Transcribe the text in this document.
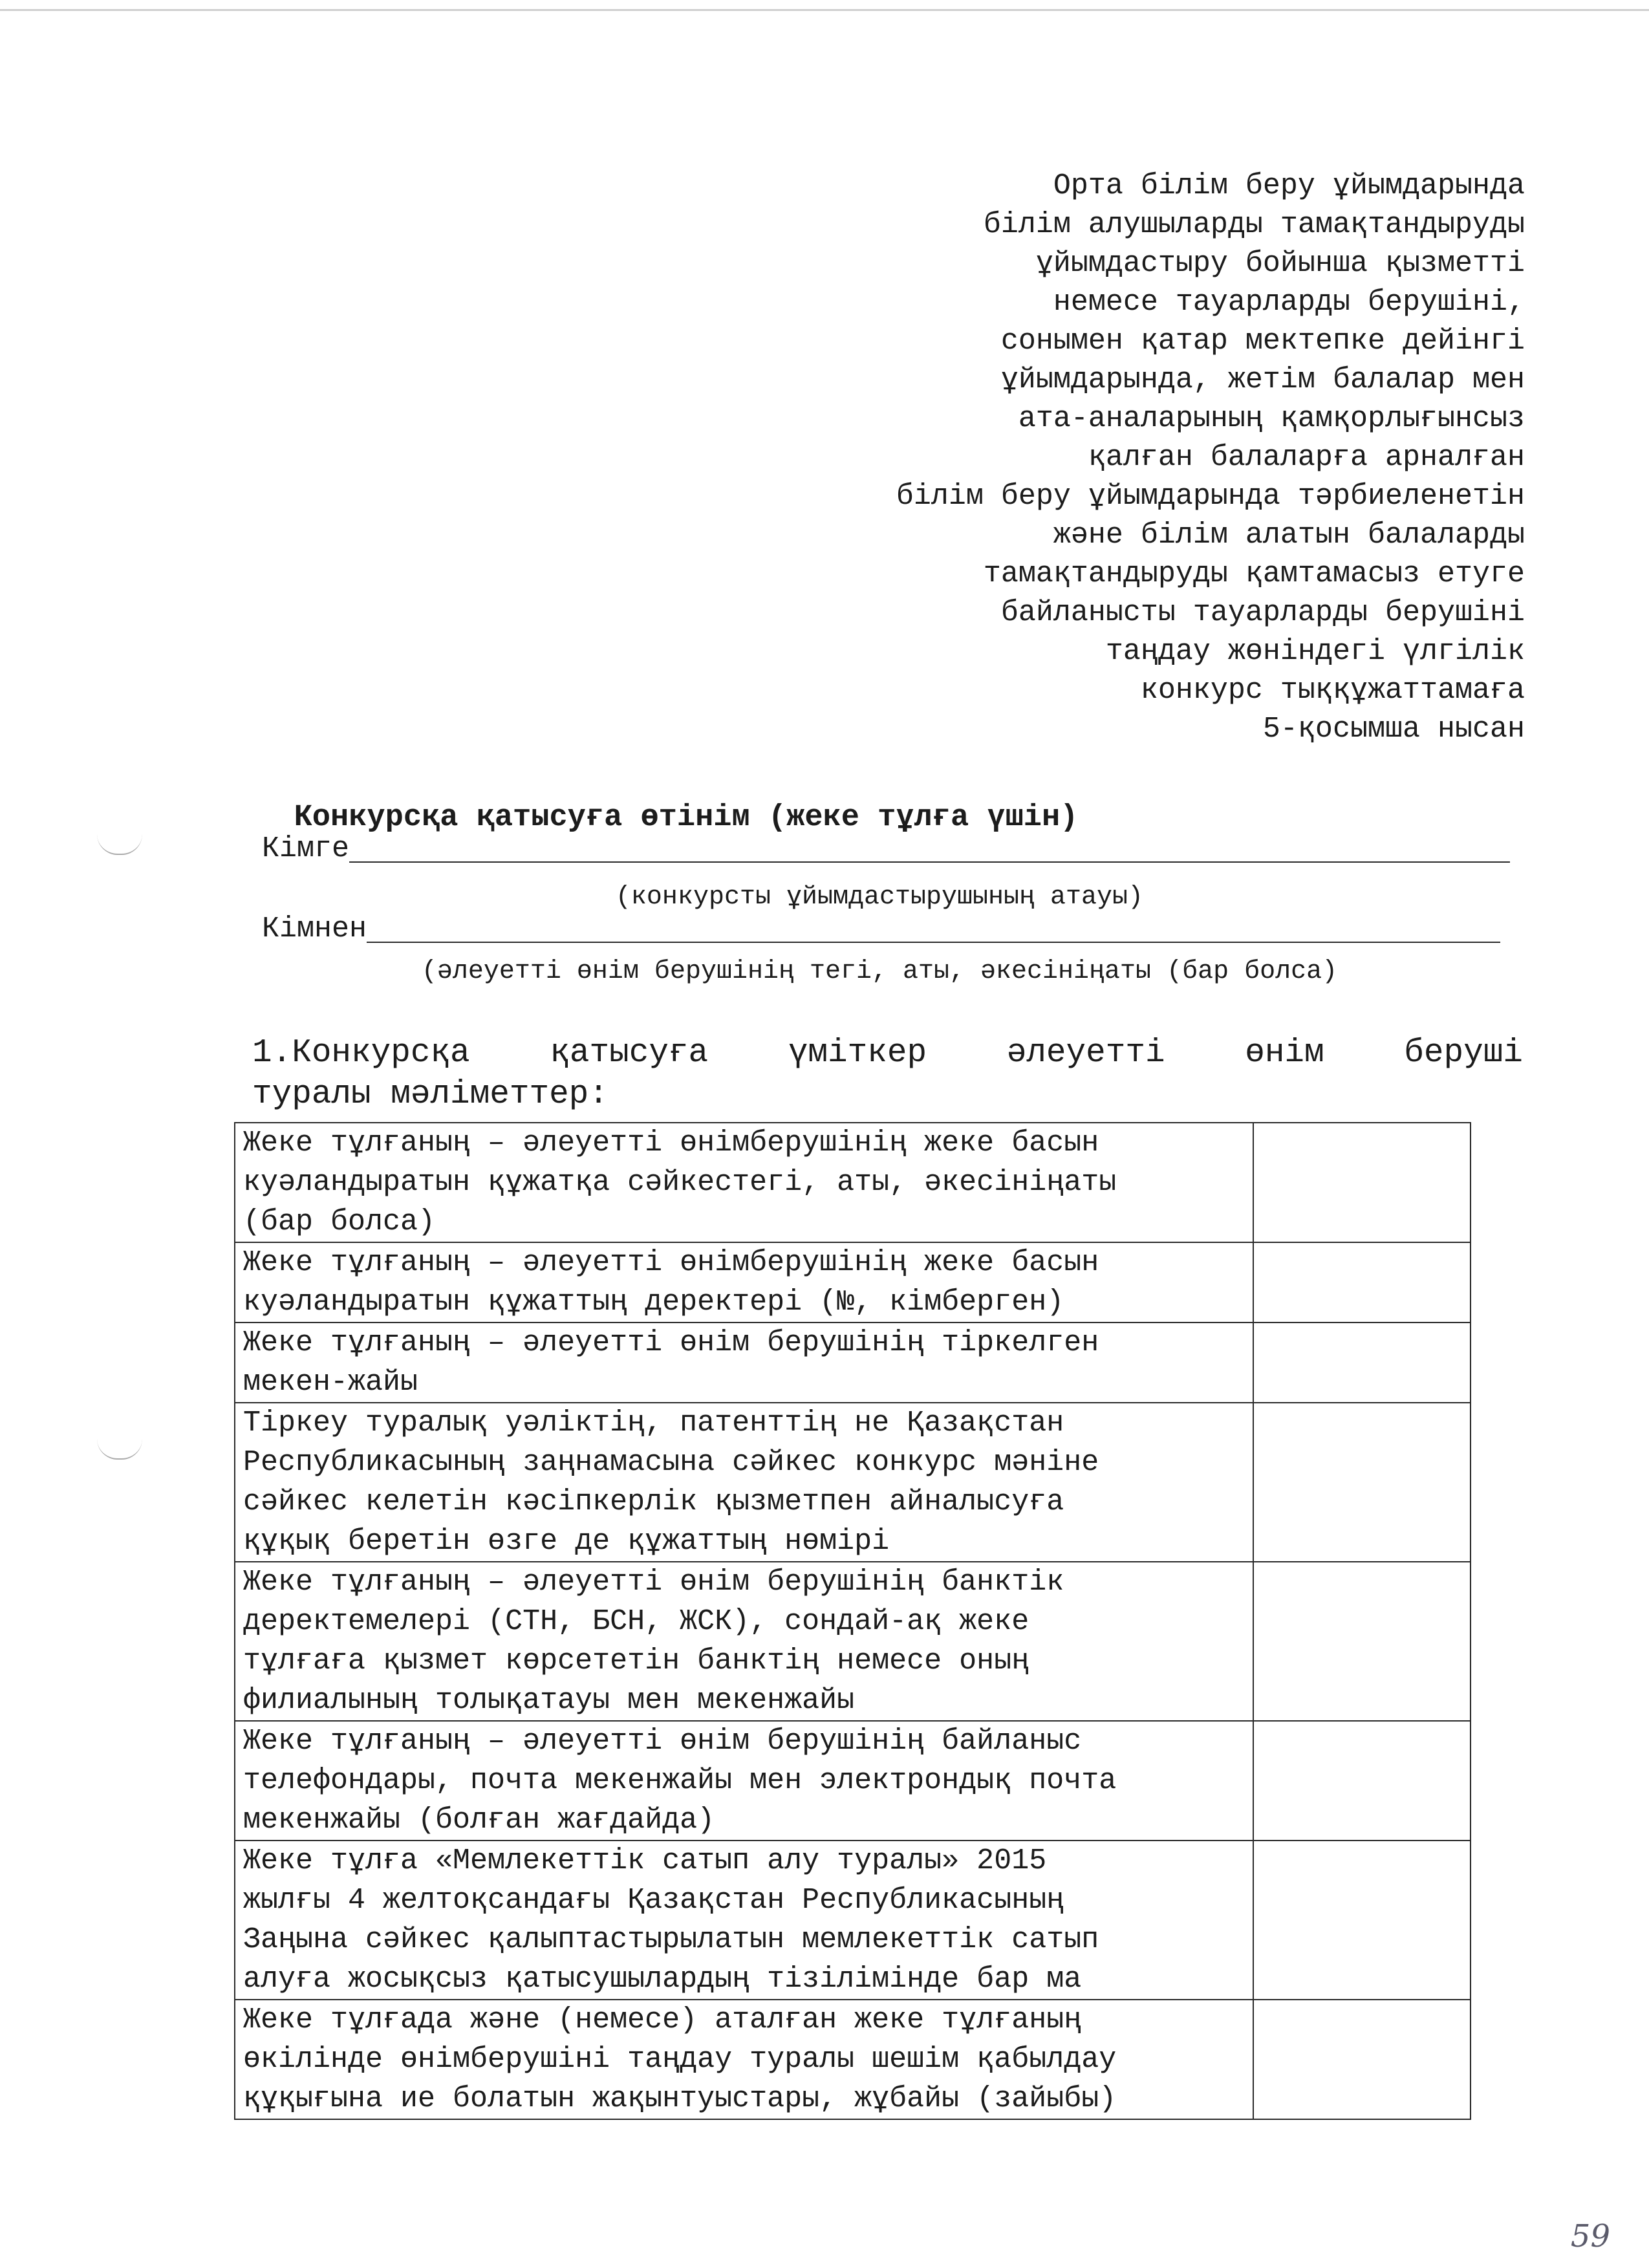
Орта білім беру ұйымдарында
білім алушыларды тамақтандыруды
ұйымдастыру бойынша қызметті
немесе тауарларды берушіні,
сонымен қатар мектепке дейінгі
ұйымдарында, жетім балалар мен
ата-аналарының қамқорлығынсыз
қалған балаларға арналған
білім беру ұйымдарында тәрбиеленетін
және білім алатын балаларды
тамақтандыруды қамтамасыз етуге
байланысты тауарларды берушіні
таңдау жөніндегі үлгілік
конкурс тыққұжаттамаға
5-қосымша нысан
Конкурсқа қатысуға өтінім (жеке тұлға үшін)
Кімге
(конкурсты ұйымдастырушының атауы)
Кімнен
(әлеуетті өнім берушінің тегі, аты, әкесініңаты (бар болса)
1.Конкурсқа қатысуға үміткер әлеуетті өнім беруші
туралы мәліметтер:
Жеке тұлғаның – әлеуетті өнімберушінің жеке басын
куәландыратын құжатқа сәйкестегі, аты, әкесініңаты
(бар болса)	

Жеке тұлғаның – әлеуетті өнімберушінің жеке басын
куәландыратын құжаттың деректері (№, кімберген)	

Жеке тұлғаның – әлеуетті өнім берушінің тіркелген
мекен-жайы	

Тіркеу туралық уәліктің, патенттің не Қазақстан
Республикасының заңнамасына сәйкес конкурс мәніне
сәйкес келетін кәсіпкерлік қызметпен айналысуға
құқық беретін өзге де құжаттың нөмірі	

Жеке тұлғаның – әлеуетті өнім берушінің банктік
деректемелері (СТН, БСН, ЖСК), сондай-ақ жеке
тұлғаға қызмет көрсететін банктің немесе оның
филиалының толықатауы мен мекенжайы	

Жеке тұлғаның – әлеуетті өнім берушінің байланыс
телефондары, почта мекенжайы мен электрондық почта
мекенжайы (болған жағдайда)	

Жеке тұлға «Мемлекеттік сатып алу туралы» 2015
жылғы 4 желтоқсандағы Қазақстан Республикасының
Заңына сәйкес қалыптастырылатын мемлекеттік сатып
алуға жосықсыз қатысушылардың тізілімінде бар ма	

Жеке тұлғада және (немесе) аталған жеке тұлғаның
өкілінде өнімберушіні таңдау туралы шешім қабылдау
құқығына ие болатын жақынтуыстары, жұбайы (зайыбы)	

59
